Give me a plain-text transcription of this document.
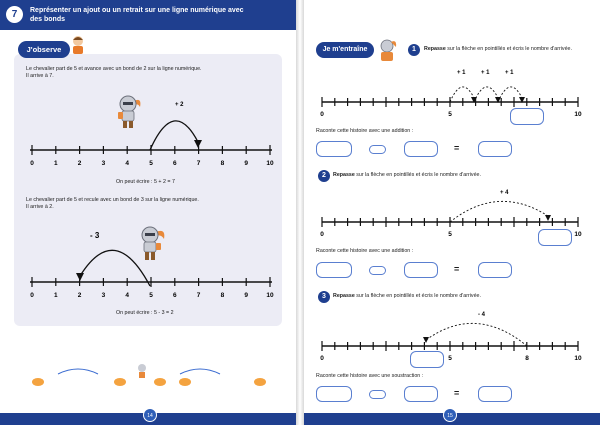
7	Représenter un ajout ou un retrait sur une ligne numérique avec des bonds
J'observe
Le chevalier part de 5 et avance avec un bond de 2 sur la ligne numérique.
Il arrive à 7.
+ 2
0	1	2	3	4	5	6	7	8	9	10
On peut écrire : 5 + 2 = 7
Le chevalier part de 5 et recule avec un bond de 3 sur la ligne numérique.
Il arrive à 2.
- 3
0	1	2	3	4	5	6	7	8	9	10
On peut écrire : 5 - 3 = 2
14
Je m'entraîne	1	Repasse sur la flèche en pointillés et écris le nombre d'arrivée.
+ 1	+ 1	+ 1
0	5	10
Raconte cette histoire avec une addition :
=
2	Repasse sur la flèche en pointillés et écris le nombre d'arrivée.
+ 4
0	5	10
Raconte cette histoire avec une addition :
=
3	Repasse sur la flèche en pointillés et écris le nombre d'arrivée.
- 4
0	5	8	10
Raconte cette histoire avec une soustraction :
=
15
